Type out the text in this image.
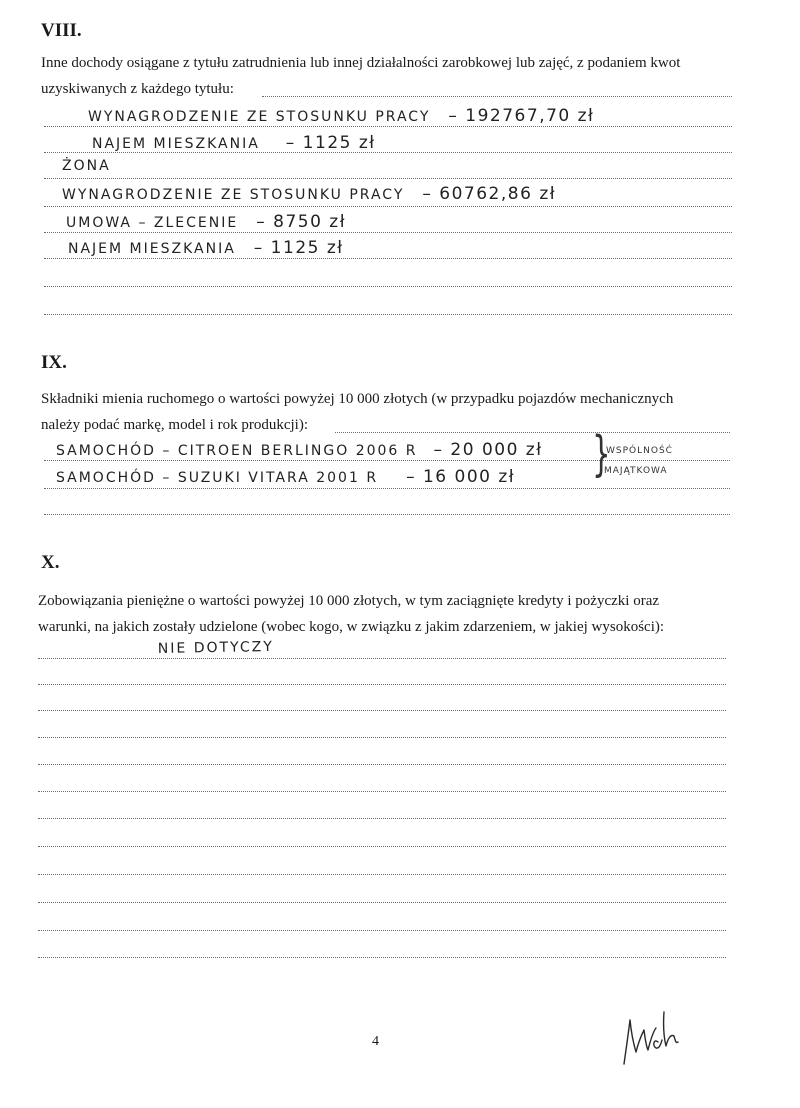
VIII.
Inne dochody osiągane z tytułu zatrudnienia lub innej działalności zarobkowej lub zajęć, z podaniem kwot
uzyskiwanych z każdego tytułu:
WYNAGRODZENIE ZE STOSUNKU PRACY – 192767,70 zł
NAJEM MIESZKANIA – 1125 zł
ŻONA
WYNAGRODZENIE ZE STOSUNKU PRACY – 60762,86 zł
UMOWA – ZLECENIE – 8750 zł
NAJEM MIESZKANIA – 1125 zł
IX.
Składniki mienia ruchomego o wartości powyżej 10 000 złotych (w przypadku pojazdów mechanicznych
należy podać markę, model i rok produkcji):
SAMOCHÓD – CITROEN BERLINGO 2006 R – 20 000 zł
SAMOCHÓD – SUZUKI VITARA 2001 R – 16 000 zł }
WSPÓLNOŚĆ
MAJĄTKOWA
X.
Zobowiązania pieniężne o wartości powyżej 10 000 złotych, w tym zaciągnięte kredyty i pożyczki oraz
warunki, na jakich zostały udzielone (wobec kogo, w związku z jakim zdarzeniem, w jakiej wysokości):
NIE DOTYCZY
4
